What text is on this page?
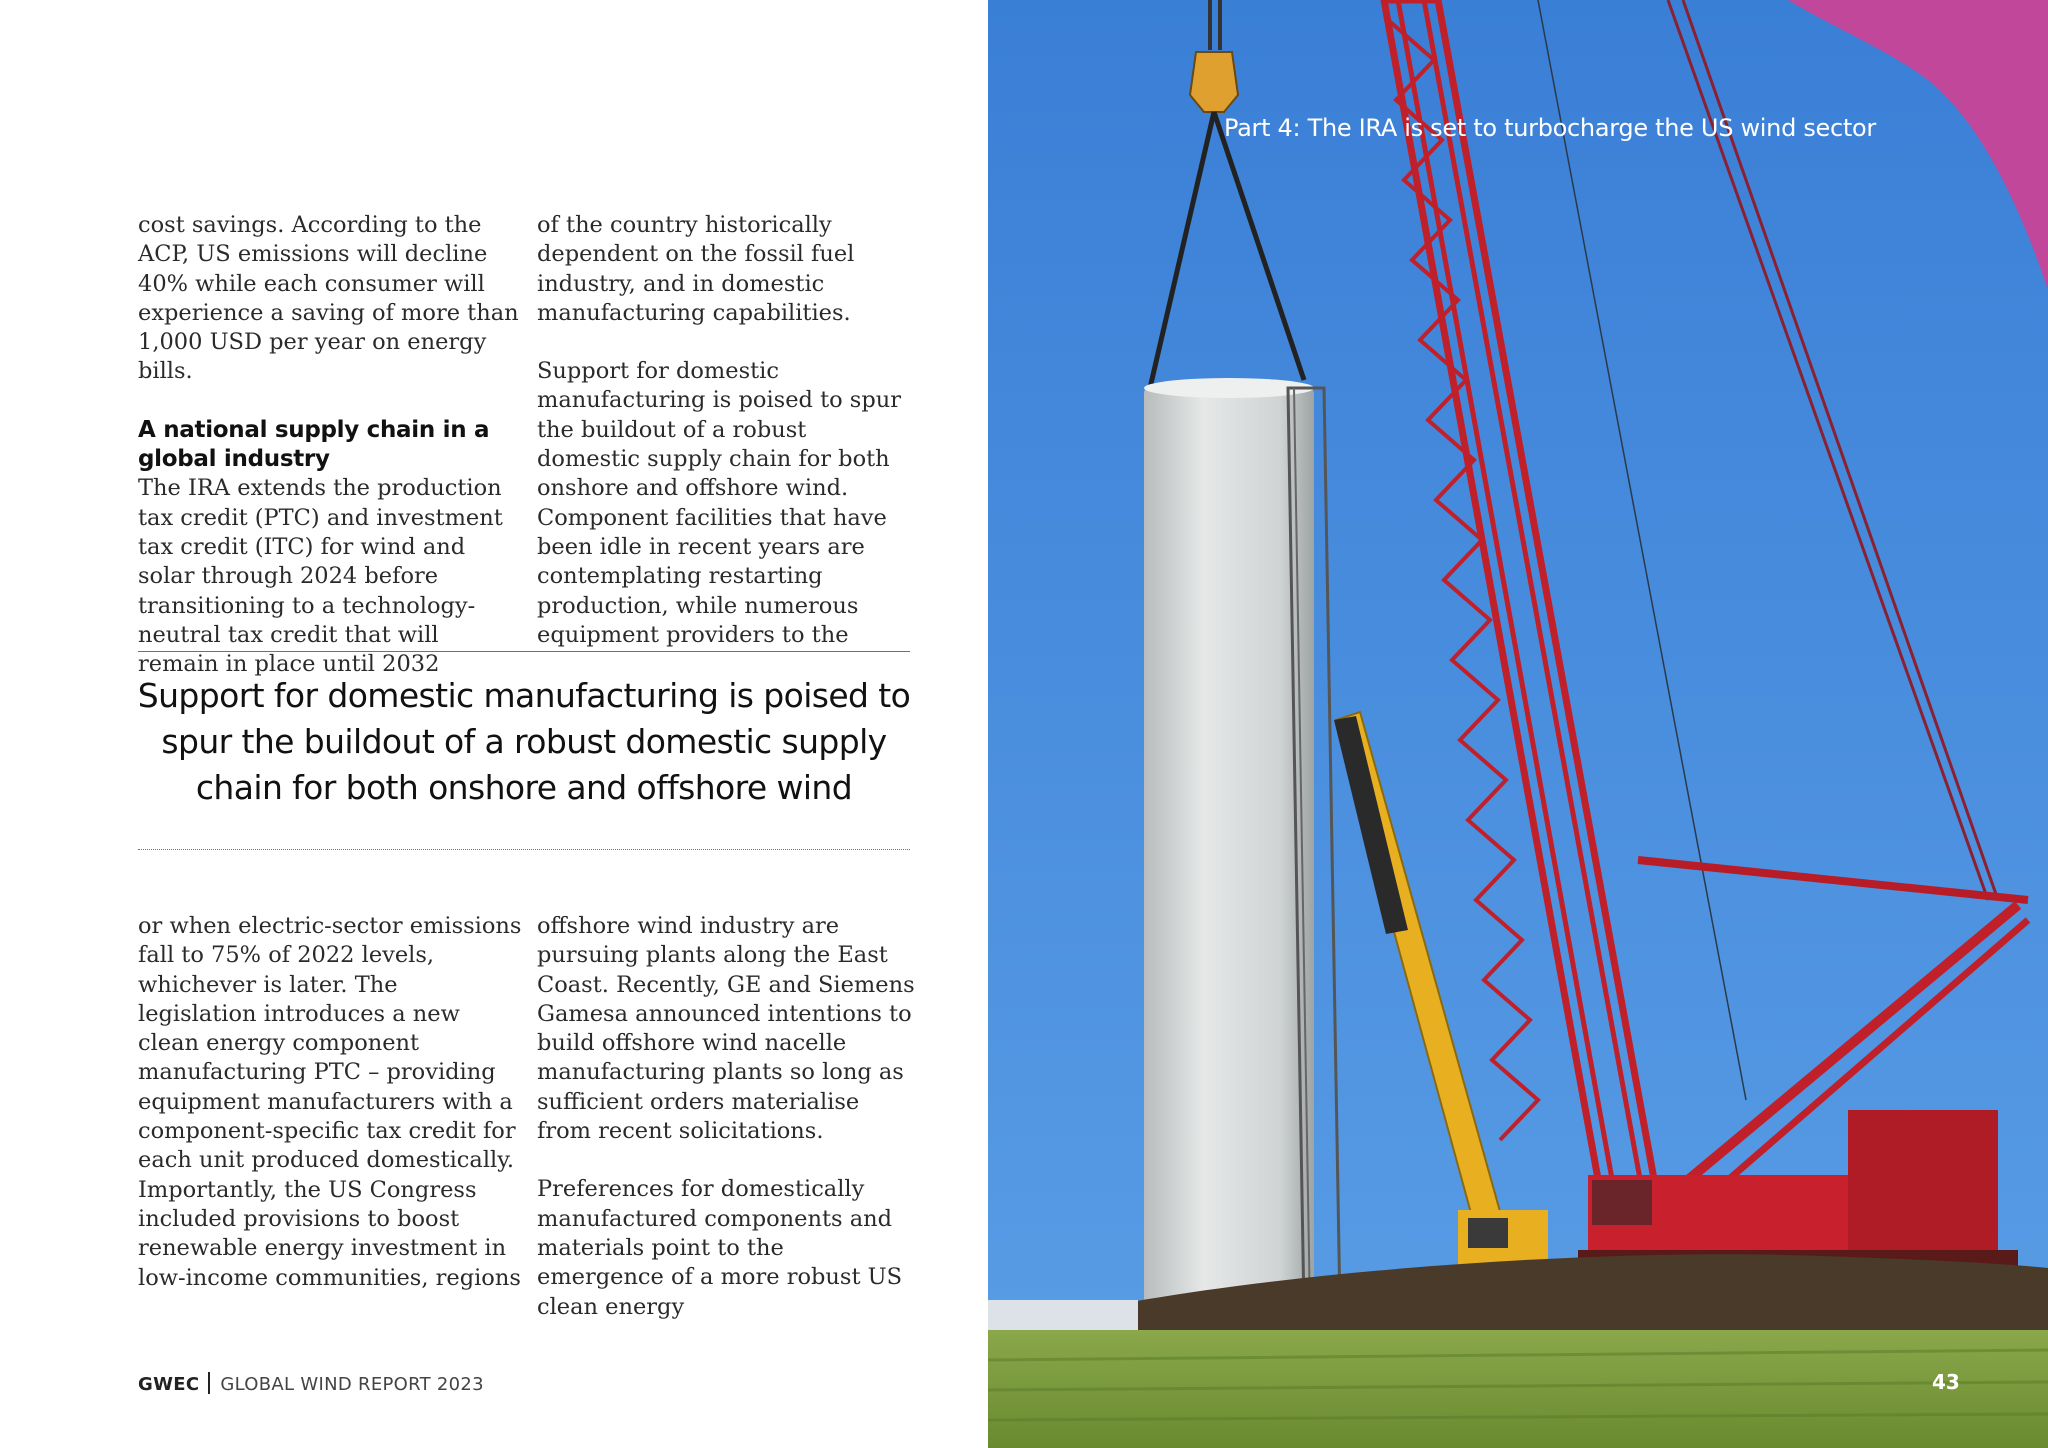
cost savings. According to the ACP, US emissions will decline 40% while each consumer will experience a saving of more than 1,000 USD per year on energy bills.

A national supply chain in a global industry

The IRA extends the production tax credit (PTC) and investment tax credit (ITC) for wind and solar through 2024 before transitioning to a technology-neutral tax credit that will remain in place until 2032

of the country historically dependent on the fossil fuel industry, and in domestic manufacturing capabilities.

Support for domestic manufacturing is poised to spur the buildout of a robust domestic supply chain for both onshore and offshore wind. Component facilities that have been idle in recent years are contemplating restarting production, while numerous equipment providers to the

Support for domestic manufacturing is poised to spur the buildout of a robust domestic supply chain for both onshore and offshore wind

or when electric-sector emissions fall to 75% of 2022 levels, whichever is later. The legislation introduces a new clean energy component manufacturing PTC – providing equipment manufacturers with a component-specific tax credit for each unit produced domestically. Importantly, the US Congress included provisions to boost renewable energy investment in low-income communities, regions

offshore wind industry are pursuing plants along the East Coast. Recently, GE and Siemens Gamesa announced intentions to build offshore wind nacelle manufacturing plants so long as sufficient orders materialise from recent solicitations.

Preferences for domestically manufactured components and materials point to the emergence of a more robust US clean energy

GWEC GLOBAL WIND REPORT 2023
Part 4: The IRA is set to turbocharge the US wind sector
43
